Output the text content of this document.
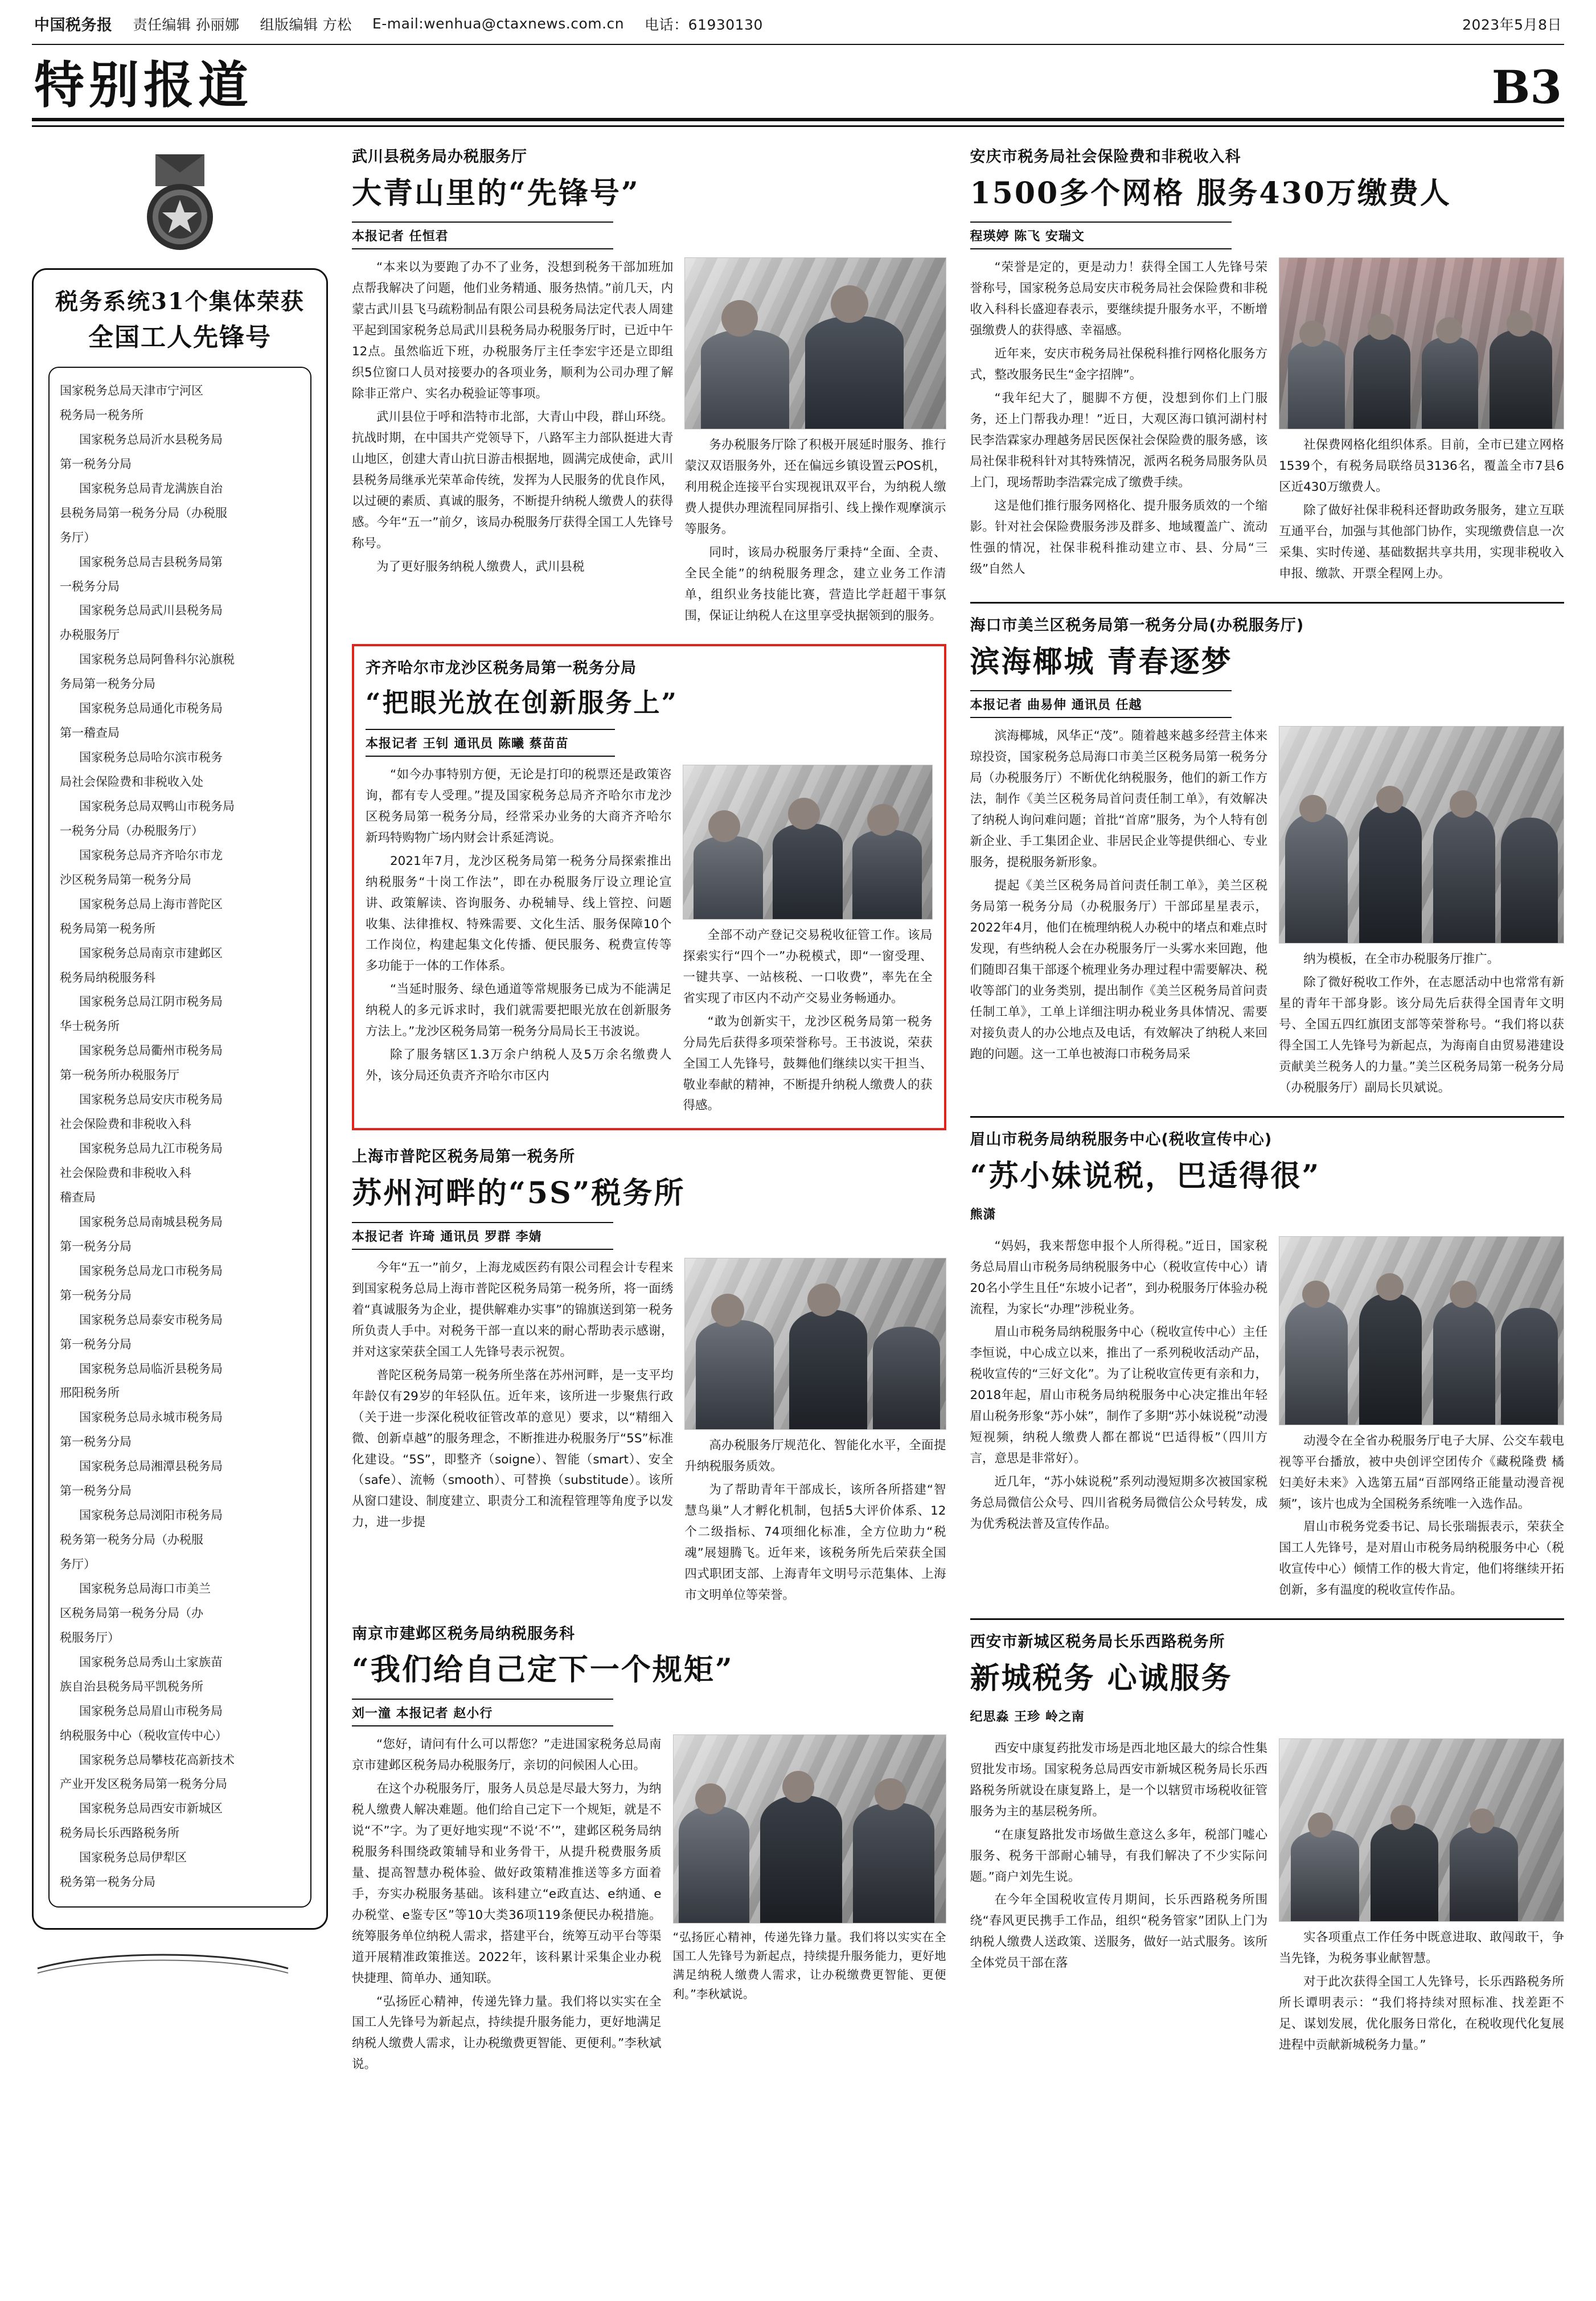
中国税务报 责任编辑 孙丽娜 组版编辑 方松 E-mail:wenhua@ctaxnews.com.cn 电话：61930130	2023年5月8日
特别报道	B3
税务系统31个集体荣获
全国工人先锋号
国家税务总局天津市宁河区
税务局一税务所
国家税务总局沂水县税务局
第一税务分局
国家税务总局青龙满族自治
县税务局第一税务分局（办税服
务厅）
国家税务总局吉县税务局第
一税务分局
国家税务总局武川县税务局
办税服务厅
国家税务总局阿鲁科尔沁旗税
务局第一税务分局
国家税务总局通化市税务局
第一稽查局
国家税务总局哈尔滨市税务
局社会保险费和非税收入处
国家税务总局双鸭山市税务局
一税务分局（办税服务厅）
国家税务总局齐齐哈尔市龙
沙区税务局第一税务分局
国家税务总局上海市普陀区
税务局第一税务所
国家税务总局南京市建邺区
税务局纳税服务科
国家税务总局江阴市税务局
华士税务所
国家税务总局衢州市税务局
第一税务所办税服务厅
国家税务总局安庆市税务局
社会保险费和非税收入科
国家税务总局九江市税务局
社会保险费和非税收入科
稽查局
国家税务总局南城县税务局
第一税务分局
国家税务总局龙口市税务局
第一税务分局
国家税务总局泰安市税务局
第一税务分局
国家税务总局临沂县税务局
邢阳税务所
国家税务总局永城市税务局
第一税务分局
国家税务总局湘潭县税务局
第一税务分局
国家税务总局浏阳市税务局
税务第一税务分局（办税服
务厅）
国家税务总局海口市美兰
区税务局第一税务分局（办
税服务厅）
国家税务总局秀山土家族苗
族自治县税务局平凯税务所
国家税务总局眉山市税务局
纳税服务中心（税收宣传中心）
国家税务总局攀枝花高新技术
产业开发区税务局第一税务分局
国家税务总局西安市新城区
税务局长乐西路税务所
国家税务总局伊犁区
税务第一税务分局
武川县税务局办税服务厅
大青山里的“先锋号”
本报记者 任恒君

“本来以为要跑了办不了业务，没想到税务干部加班加点帮我解决了问题，他们业务精通、服务热情。”前几天，内蒙古武川县飞马疏粉制品有限公司县税务局法定代表人周建平起到国家税务总局武川县税务局办税服务厅时，已近中午12点。虽然临近下班，办税服务厅主任李宏宇还是立即组织5位窗口人员对接要办的各项业务，顺利为公司办理了解除非正常户、实名办税验证等事项。

武川县位于呼和浩特市北部，大青山中段，群山环绕。抗战时期，在中国共产党领导下，八路军主力部队挺进大青山地区，创建大青山抗日游击根据地，圆满完成使命，武川县税务局继承光荣革命传统，发挥为人民服务的优良作风，以过硬的素质、真诚的服务，不断提升纳税人缴费人的获得感。今年“五一”前夕，该局办税服务厅获得全国工人先锋号称号。

为了更好服务纳税人缴费人，武川县税

务办税服务厅除了积极开展延时服务、推行蒙汉双语服务外，还在偏远乡镇设置云POS机，利用税企连接平台实现视讯双平台，为纳税人缴费人提供办理流程同屏指引、线上操作观摩演示等服务。

同时，该局办税服务厅秉持“全面、全责、全民全能”的纳税服务理念，建立业务工作清单，组织业务技能比赛，营造比学赶超干事氛围，保证让纳税人在这里享受执据领到的服务。

齐齐哈尔市龙沙区税务局第一税务分局
“把眼光放在创新服务上”
本报记者 王钊 通讯员 陈曦 蔡苗苗

“如今办事特别方便，无论是打印的税票还是政策咨询，都有专人受理。”提及国家税务总局齐齐哈尔市龙沙区税务局第一税务分局，经常采办业务的大商齐齐哈尔新玛特购物广场内财会计系延湾说。

2021年7月，龙沙区税务局第一税务分局探索推出纳税服务“十岗工作法”，即在办税服务厅设立理论宣讲、政策解读、咨询服务、办税辅导、线上管控、问题收集、法律推权、特殊需要、文化生活、服务保障10个工作岗位，构建起集文化传播、便民服务、税费宣传等多功能于一体的工作体系。

“当延时服务、绿色通道等常规服务已成为不能满足纳税人的多元诉求时，我们就需要把眼光放在创新服务方法上。”龙沙区税务局第一税务分局局长王书波说。

除了服务辖区1.3万余户纳税人及5万余名缴费人外，该分局还负责齐齐哈尔市区内

全部不动产登记交易税收征管工作。该局探索实行“四个一”办税模式，即“一窗受理、一键共享、一站核税、一口收费”，率先在全省实现了市区内不动产交易业务畅通办。

“敢为创新实干，龙沙区税务局第一税务分局先后获得多项荣誉称号。王书波说，荣获全国工人先锋号，鼓舞他们继续以实干担当、敬业奉献的精神，不断提升纳税人缴费人的获得感。

上海市普陀区税务局第一税务所
苏州河畔的“5S”税务所
本报记者 许琦 通讯员 罗群 李婧

今年“五一”前夕，上海龙威医药有限公司程会计专程来到国家税务总局上海市普陀区税务局第一税务所，将一面绣着“真诚服务为企业，提供解难办实事”的锦旗送到第一税务所负责人手中。对税务干部一直以来的耐心帮助表示感谢，并对这家荣获全国工人先锋号表示祝贺。

普陀区税务局第一税务所坐落在苏州河畔，是一支平均年龄仅有29岁的年轻队伍。近年来，该所进一步聚焦行政（关于进一步深化税收征管改革的意见）要求，以“精细入微、创新卓越”的服务理念，不断推进办税服务厅“5S”标准化建设。“5S”，即整齐（soigne）、智能（smart）、安全（safe）、流畅（smooth）、可替换（substitude）。该所从窗口建设、制度建立、职责分工和流程管理等角度予以发力，进一步提

高办税服务厅规范化、智能化水平，全面提升纳税服务质效。

为了帮助青年干部成长，该所各所搭建“智慧鸟巢”人才孵化机制，包括5大评价体系、12个二级指标、74项细化标准，全方位助力“税魂”展翅腾飞。近年来，该税务所先后荣获全国四式职团支部、上海青年文明号示范集体、上海市文明单位等荣誉。

南京市建邺区税务局纳税服务科
“我们给自己定下一个规矩”
刘一潼 本报记者 赵小行

“您好，请问有什么可以帮您？”走进国家税务总局南京市建邺区税务局办税服务厅，亲切的问候困人心田。

在这个办税服务厅，服务人员总是尽最大努力，为纳税人缴费人解决难题。他们给自己定下一个规矩，就是不说“不”字。为了更好地实现“不说‘不’”，建邺区税务局纳税服务科围绕政策辅导和业务骨干，从提升税费服务质量、提高智慧办税体验、做好政策精准推送等多方面着手，夯实办税服务基础。该科建立“e政直达、e纳通、e办税堂、e鉴专区”等10大类36项119条便民办税措施。统筹服务单位纳税人需求，搭建平台，统筹互动平台等渠道开展精准政策推送。2022年，该科累计采集企业办税快捷理、简单办、通知联。

“弘扬匠心精神，传递先锋力量。我们将以实实在全国工人先锋号为新起点，持续提升服务能力，更好地满足纳税人缴费人需求，让办税缴费更智能、更便利。”李秋斌说。

“弘扬匠心精神，传递先锋力量。我们将以实实在全国工人先锋号为新起点，持续提升服务能力，更好地满足纳税人缴费人需求，让办税缴费更智能、更便利。”李秋斌说。
安庆市税务局社会保险费和非税收入科
1500多个网格 服务430万缴费人
程瑛婷 陈飞 安瑞文

“荣誉是定的，更是动力！获得全国工人先锋号荣誉称号，国家税务总局安庆市税务局社会保险费和非税收入科科长盛迎春表示，要继续提升服务水平，不断增强缴费人的获得感、幸福感。

近年来，安庆市税务局社保税科推行网格化服务方式，整改服务民生“金字招牌”。

“我年纪大了，腿脚不方便，没想到你们上门服务，还上门帮我办理！”近日，大观区海口镇河湖村村民李浩霖家办理越务居民医保社会保险费的服务感，该局社保非税科针对其特殊情况，派两名税务局服务队员上门，现场帮助李浩霖完成了缴费手续。

这是他们推行服务网格化、提升服务质效的一个缩影。针对社会保险费服务涉及群多、地域覆盖广、流动性强的情况，社保非税科推动建立市、县、分局“三级”自然人

社保费网格化组织体系。目前，全市已建立网格1539个，有税务局联络员3136名，覆盖全市7县6区近430万缴费人。

除了做好社保非税科还督助政务服务，建立互联互通平台，加强与其他部门协作，实现缴费信息一次采集、实时传递、基础数据共享共用，实现非税收入申报、缴款、开票全程网上办。

海口市美兰区税务局第一税务分局(办税服务厅)
滨海椰城 青春逐梦
本报记者 曲易伸 通讯员 任越

滨海椰城，风华正“茂”。随着越来越多经营主体来琼投资，国家税务总局海口市美兰区税务局第一税务分局（办税服务厅）不断优化纳税服务，他们的新工作方法，制作《美兰区税务局首问责任制工单》，有效解决了纳税人询问难问题；首批“首席”服务，为个人特有创新企业、手工集团企业、非居民企业等提供细心、专业服务，提税服务新形象。

提起《美兰区税务局首问责任制工单》，美兰区税务局第一税务分局（办税服务厅）干部邱星星表示，2022年4月，他们在梳理纳税人办税中的堵点和难点时发现，有些纳税人会在办税服务厅一头雾水来回跑，他们随即召集干部逐个梳理业务办理过程中需要解决、税收等部门的业务类别，提出制作《美兰区税务局首问责任制工单》，工单上详细注明办税业务具体情况、需要对接负责人的办公地点及电话，有效解决了纳税人来回跑的问题。这一工单也被海口市税务局采

纳为模板，在全市办税服务厅推广。

除了微好税收工作外，在志愿活动中也常常有新星的青年干部身影。该分局先后获得全国青年文明号、全国五四红旗团支部等荣誉称号。“我们将以获得全国工人先锋号为新起点，为海南自由贸易港建设贡献美兰税务人的力量。”美兰区税务局第一税务分局（办税服务厅）副局长贝斌说。

眉山市税务局纳税服务中心(税收宣传中心)
“苏小妹说税，巴适得很”
熊潇

“妈妈，我来帮您申报个人所得税。”近日，国家税务总局眉山市税务局纳税服务中心（税收宣传中心）请20名小学生且任“东坡小记者”，到办税服务厅体验办税流程，为家长“办理”涉税业务。

眉山市税务局纳税服务中心（税收宣传中心）主任李恒说，中心成立以来，推出了一系列税收活动产品，税收宣传的“三好文化”。为了让税收宣传更有亲和力，2018年起，眉山市税务局纳税服务中心决定推出年轻眉山税务形象“苏小妹”，制作了多期“苏小妹说税”动漫短视频，纳税人缴费人都在都说“巴适得板”（四川方言，意思是非常好）。

近几年，“苏小妹说税”系列动漫短期多次被国家税务总局微信公众号、四川省税务局微信公众号转发，成为优秀税法普及宣传作品。

动漫令在全省办税服务厅电子大屏、公交车载电视等平台播放，被中央创评空团传介《藏税隆费 橘妇美好未来》入选第五届“百部网络正能量动漫音视频”，该片也成为全国税务系统唯一入选作品。

眉山市税务党委书记、局长张瑞振表示，荣获全国工人先锋号，是对眉山市税务局纳税服务中心（税收宣传中心）倾情工作的极大肯定，他们将继续开拓创新，多有温度的税收宣传作品。

西安市新城区税务局长乐西路税务所
新城税务 心诚服务
纪思淼 王珍 岭之南

西安中康复药批发市场是西北地区最大的综合性集贸批发市场。国家税务总局西安市新城区税务局长乐西路税务所就设在康复路上，是一个以辖贸市场税收征管服务为主的基层税务所。

“在康复路批发市场做生意这么多年，税部门嘘心服务、税务干部耐心辅导，有我们解决了不少实际问题。”商户刘先生说。

在今年全国税收宣传月期间，长乐西路税务所围绕“春风更民携手工作品，组织“税务管家”团队上门为纳税人缴费人送政策、送服务，做好一站式服务。该所全体党员干部在落

实各项重点工作任务中既意进取、敢闯敢干，争当先锋，为税务事业献智慧。

对于此次获得全国工人先锋号，长乐西路税务所所长谭明表示：“我们将持续对照标准、找差距不足、谋划发展，优化服务日常化，在税收现代化复展进程中贡献新城税务力量。”
